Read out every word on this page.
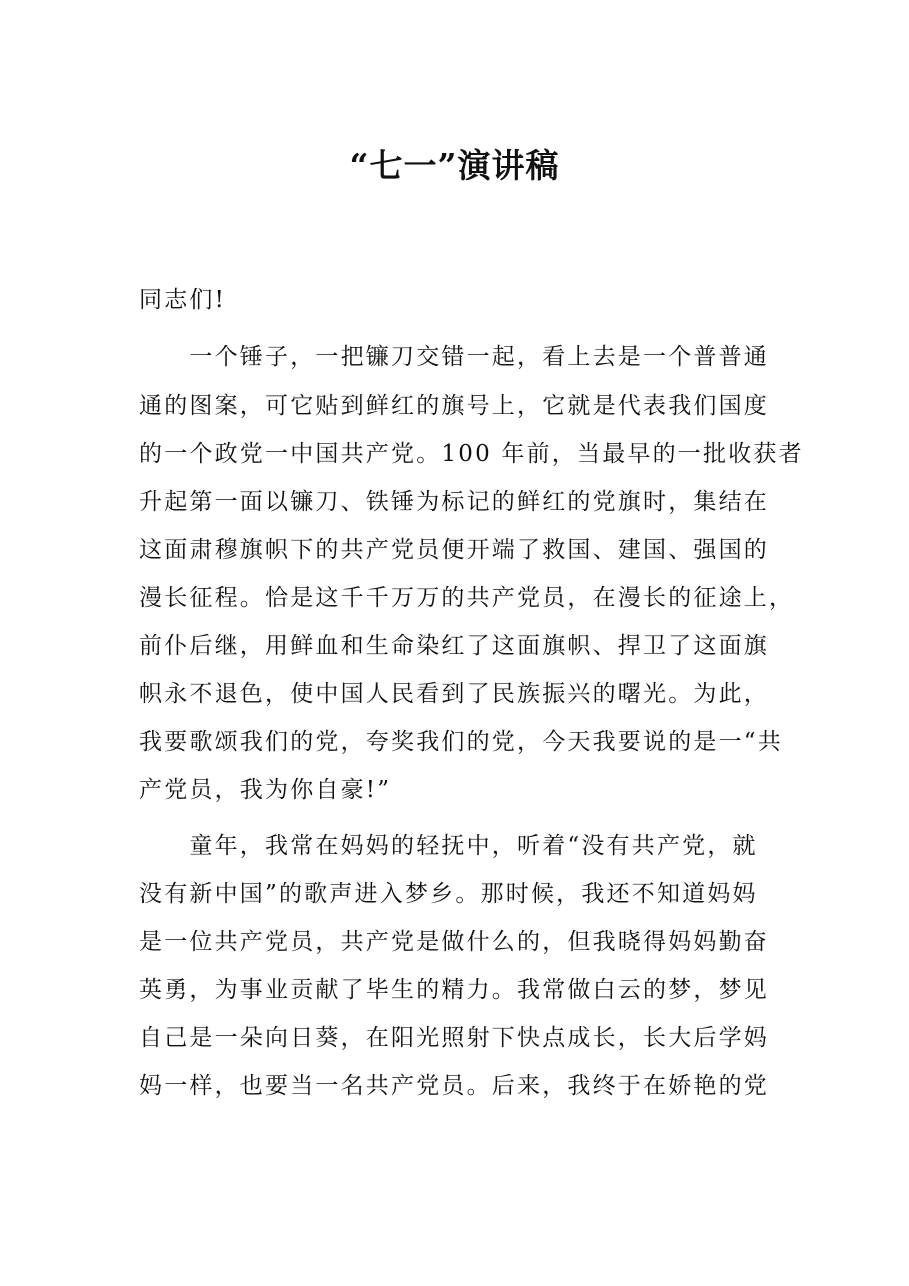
“七一”演讲稿
同志们!
　　一个锤子，一把镰刀交错一起，看上去是一个普普通
通的图案，可它贴到鲜红的旗号上，它就是代表我们国度
的一个政党一中国共产党。100 年前，当最早的一批收获者
升起第一面以镰刀、铁锤为标记的鲜红的党旗时，集结在
这面肃穆旗帜下的共产党员便开端了救国、建国、强国的
漫长征程。恰是这千千万万的共产党员，在漫长的征途上，
前仆后继，用鲜血和生命染红了这面旗帜、捍卫了这面旗
帜永不退色，使中国人民看到了民族振兴的曙光。为此，
我要歌颂我们的党，夸奖我们的党，今天我要说的是一“共
产党员，我为你自豪!”
　　童年，我常在妈妈的轻抚中，听着“没有共产党，就
没有新中国”的歌声进入梦乡。那时候，我还不知道妈妈
是一位共产党员，共产党是做什么的，但我晓得妈妈勤奋
英勇，为事业贡献了毕生的精力。我常做白云的梦，梦见
自己是一朵向日葵，在阳光照射下快点成长，长大后学妈
妈一样，也要当一名共产党员。后来，我终于在娇艳的党
